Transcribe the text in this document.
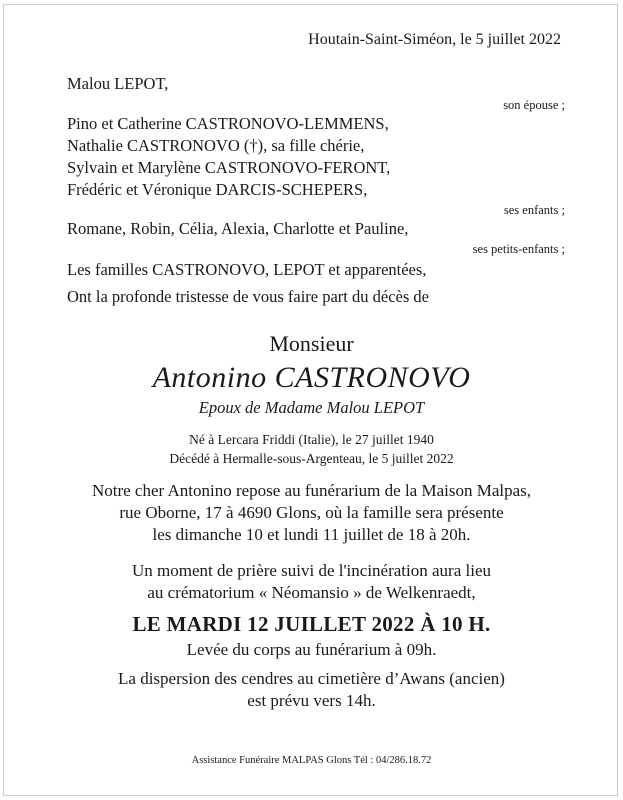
Houtain-Saint-Siméon, le 5 juillet 2022
Malou LEPOT,
son épouse ;
Pino et Catherine CASTRONOVO-LEMMENS,
Nathalie CASTRONOVO (†), sa fille chérie,
Sylvain et Marylène CASTRONOVO-FERONT,
Frédéric et Véronique DARCIS-SCHEPERS,
ses enfants ;
Romane, Robin, Célia, Alexia, Charlotte et Pauline,
ses petits-enfants ;
Les familles CASTRONOVO, LEPOT et apparentées,
Ont la profonde tristesse de vous faire part du décès de
Monsieur
Antonino CASTRONOVO
Epoux de Madame Malou LEPOT
Né à Lercara Friddi (Italie), le 27 juillet 1940
Décédé à Hermalle-sous-Argenteau, le 5 juillet 2022
Notre cher Antonino repose au funérarium de la Maison Malpas,
rue Oborne, 17 à 4690 Glons, où la famille sera présente
les dimanche 10 et lundi 11 juillet de 18 à 20h.
Un moment de prière suivi de l'incinération aura lieu
au crématorium « Néomansio » de Welkenraedt,
LE MARDI 12 JUILLET 2022 À 10 H.
Levée du corps au funérarium à 09h.
La dispersion des cendres au cimetière d’Awans (ancien)
est prévu vers 14h.
Assistance Funéraire MALPAS Glons Tél : 04/286.18.72
